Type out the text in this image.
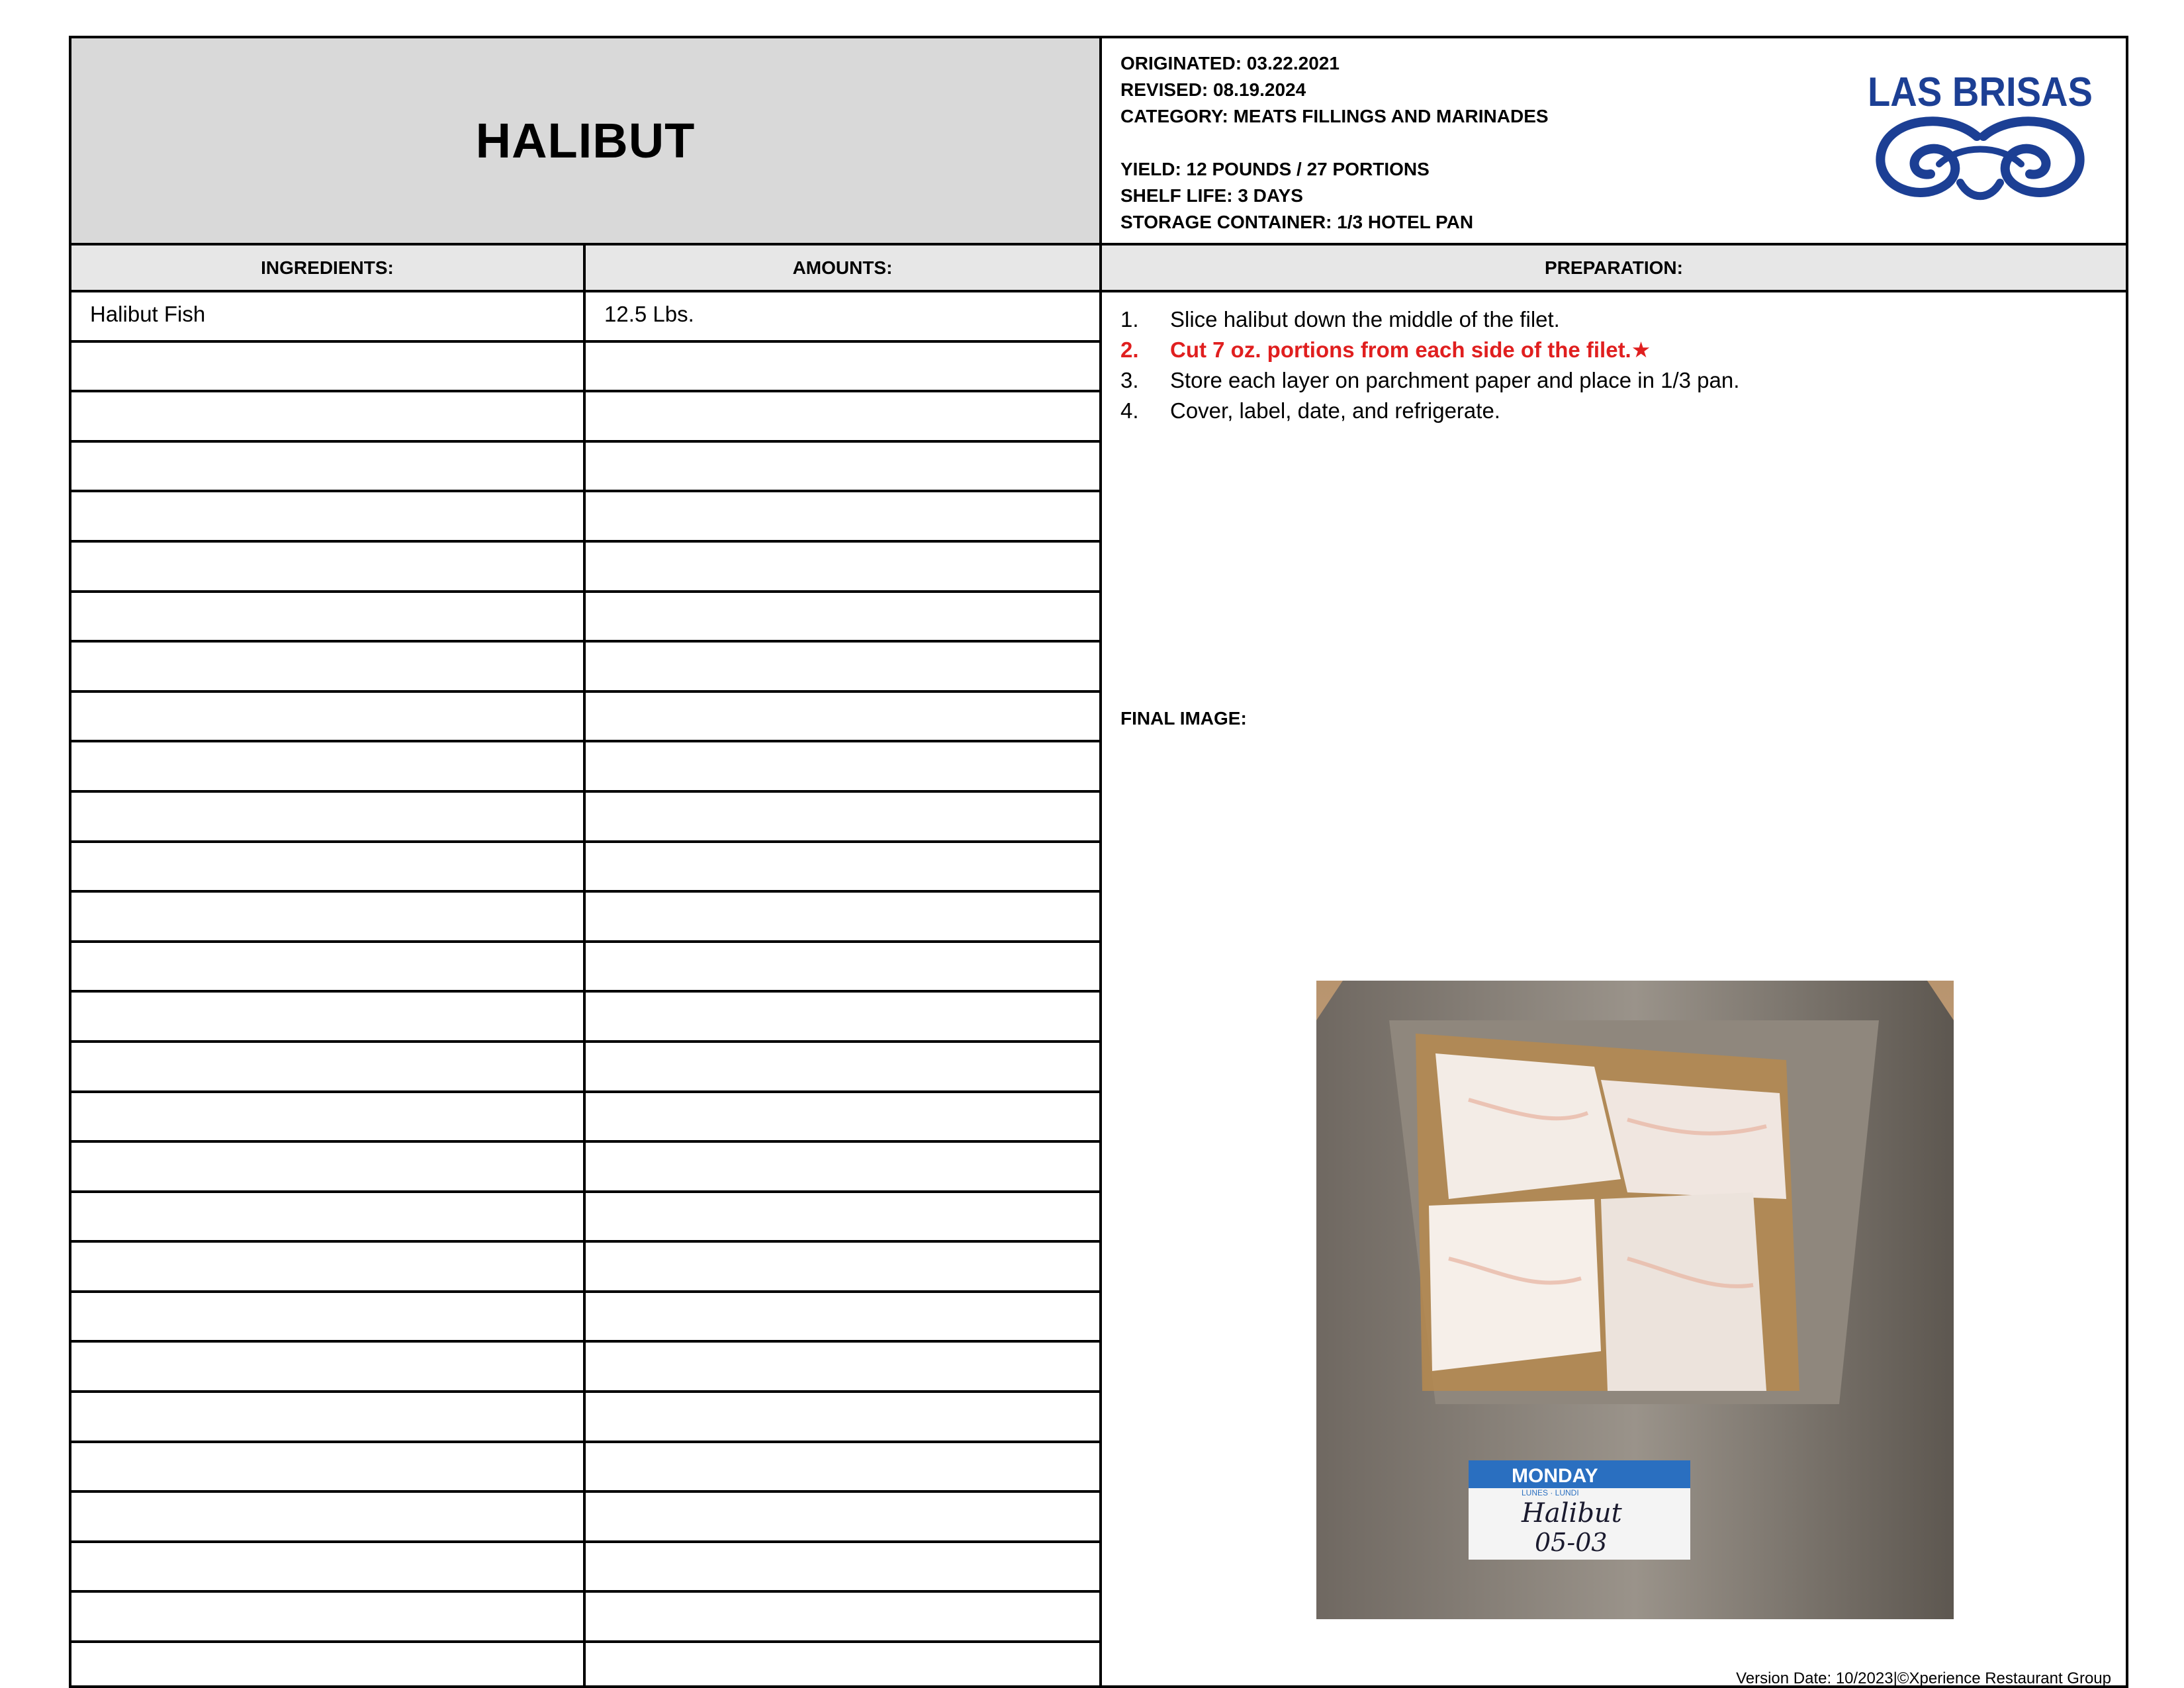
HALIBUT
ORIGINATED: 03.22.2021
REVISED: 08.19.2024
CATEGORY: MEATS FILLINGS AND MARINADES
YIELD: 12 POUNDS / 27 PORTIONS
SHELF LIFE: 3 DAYS
STORAGE CONTAINER: 1/3 HOTEL PAN
LAS BRISAS
INGREDIENTS:	AMOUNTS:	PREPARATION:
Halibut Fish	12.5 Lbs.	1.	Slice halibut down the middle of the filet.
2.	Cut 7 oz. portions from each side of the filet.★
3.	Store each layer on parchment paper and place in 1/3 pan.
4.	Cover, label, date, and refrigerate.
FINAL IMAGE:
MONDAY
LUNES · LUNDI
Halibut
05-03
Version Date: 10/2023|©Xperience Restaurant Group
